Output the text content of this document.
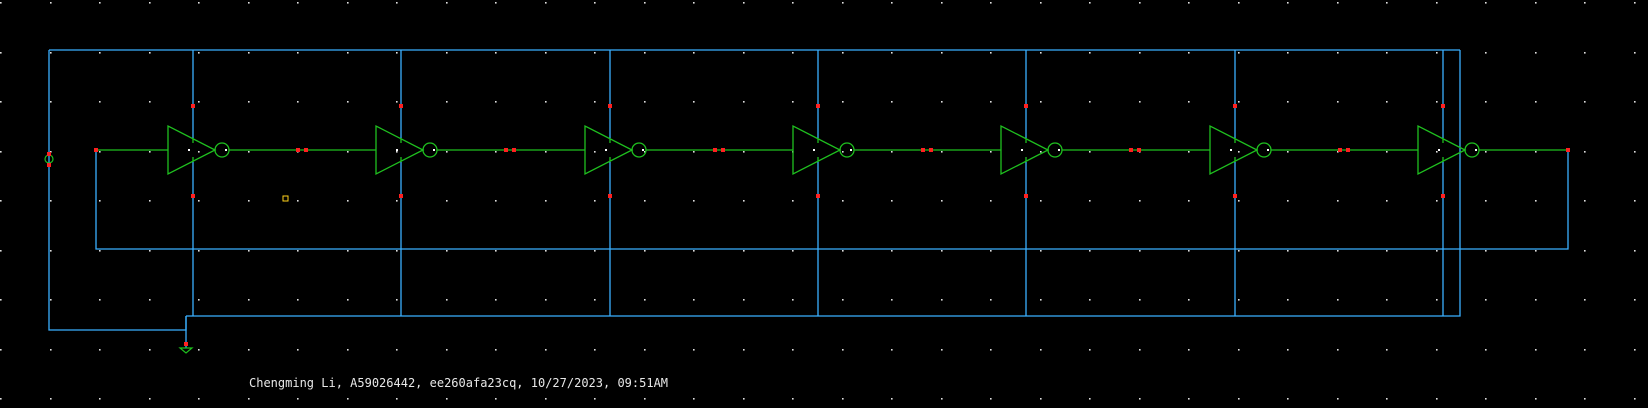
Chengming Li, A59026442, ee260afa23cq, 10/27/2023, 09:51AM
